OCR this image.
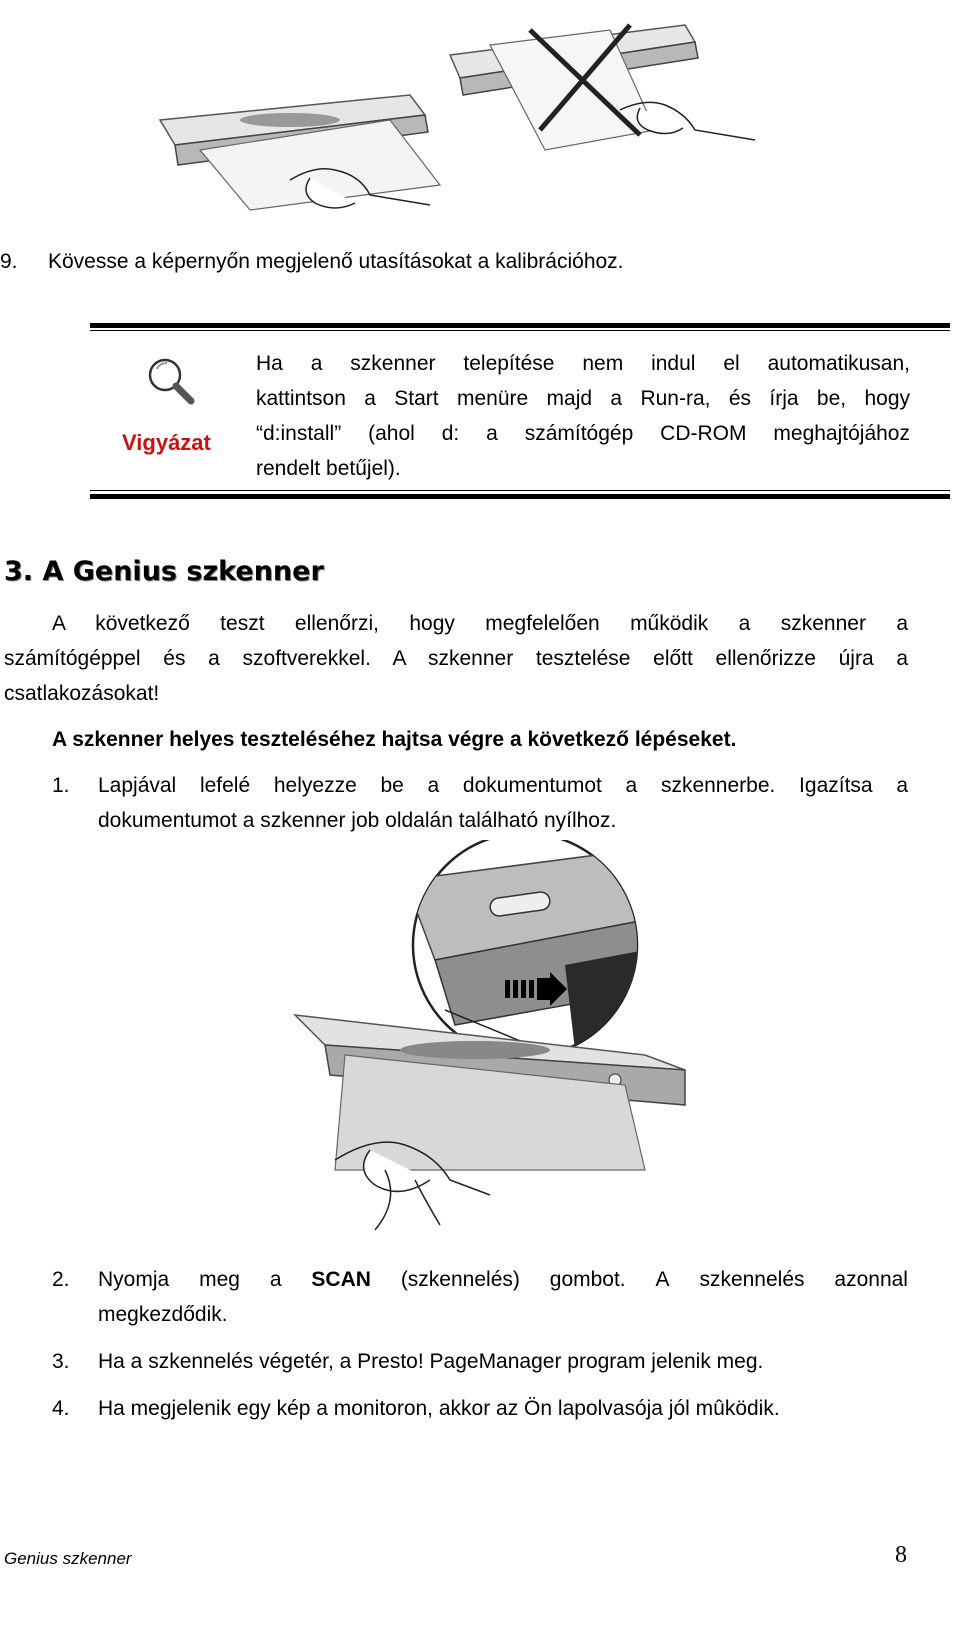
9. Kövesse a képernyőn megjelenő utasításokat a kalibrációhoz.
Vigyázat
Ha a szkenner telepítése nem indul el automatikusan,
kattintson a Start menüre majd a Run-ra, és írja be, hogy
“d:install” (ahol d: a számítógép CD-ROM meghajtójához
rendelt betűjel).
3. A Genius szkenner
A következő teszt ellenőrzi, hogy megfelelően működik a szkenner a
számítógéppel és a szoftverekkel. A szkenner tesztelése előtt ellenőrizze újra a
csatlakozásokat!
A szkenner helyes teszteléséhez hajtsa végre a következő lépéseket.
1. Lapjával lefelé helyezze be a dokumentumot a szkennerbe. Igazítsa a
dokumentumot a szkenner job oldalán található nyílhoz.
2. Nyomja meg a SCAN (szkennelés) gombot. A szkennelés azonnal
megkezdődik.
3. Ha a szkennelés végetér, a Presto! PageManager program jelenik meg.
4. Ha megjelenik egy kép a monitoron, akkor az Ön lapolvasója jól mûködik.
Genius szkenner	8
